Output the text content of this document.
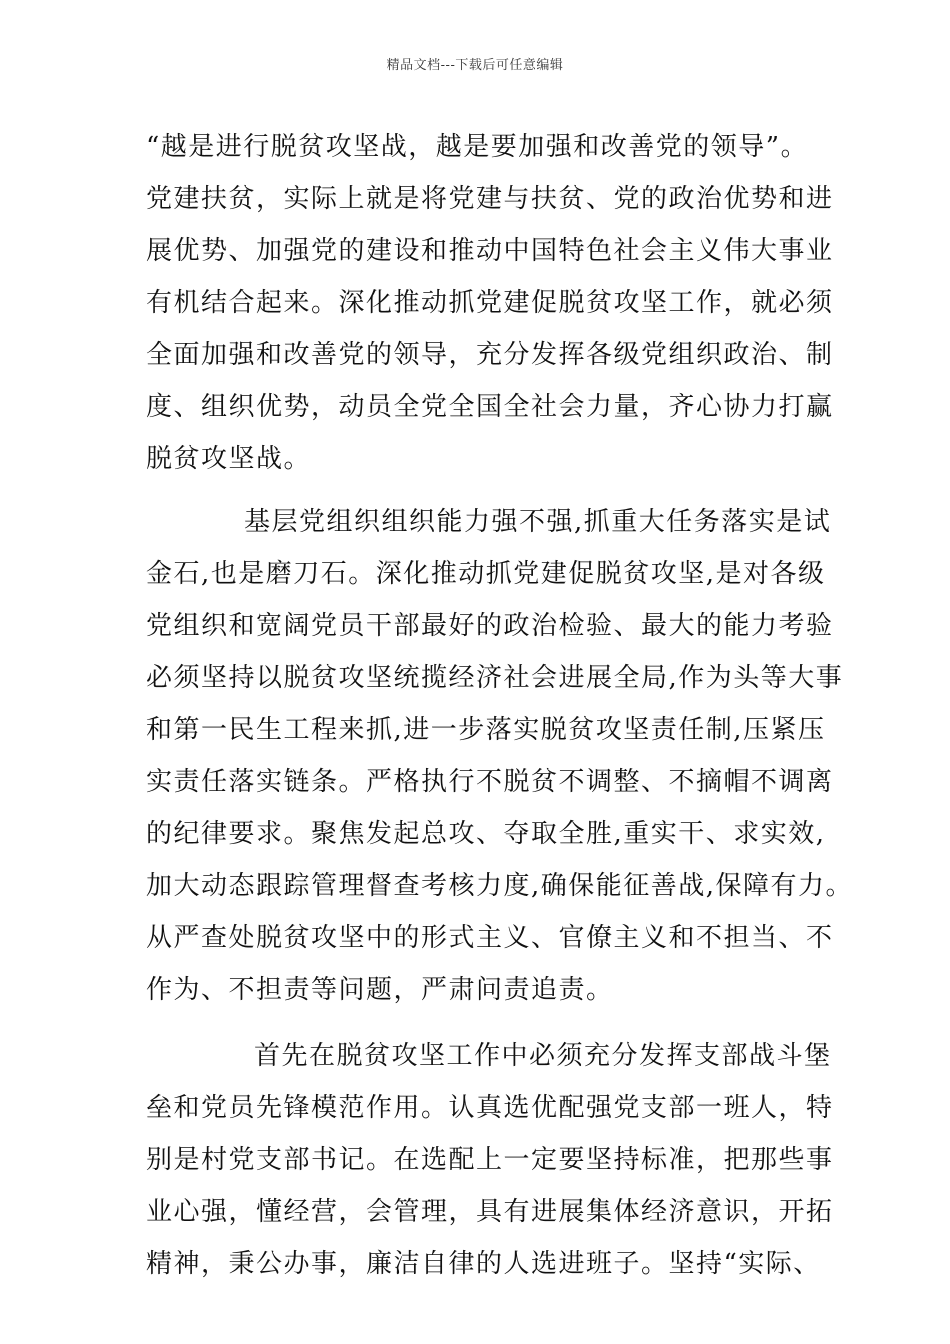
精品文档---下载后可任意编辑
“越是进行脱贫攻坚战，越是要加强和改善党的领导”。
党建扶贫，实际上就是将党建与扶贫、党的政治优势和进
展优势、加强党的建设和推动中国特色社会主义伟大事业
有机结合起来。深化推动抓党建促脱贫攻坚工作，就必须
全面加强和改善党的领导，充分发挥各级党组织政治、制
度、组织优势，动员全党全国全社会力量，齐心协力打赢
脱贫攻坚战。
基层党组织组织能力强不强,抓重大任务落实是试
金石,也是磨刀石。深化推动抓党建促脱贫攻坚,是对各级
党组织和宽阔党员干部最好的政治检验、最大的能力考验
必须坚持以脱贫攻坚统揽经济社会进展全局,作为头等大事
和第一民生工程来抓,进一步落实脱贫攻坚责任制,压紧压
实责任落实链条。严格执行不脱贫不调整、不摘帽不调离
的纪律要求。聚焦发起总攻、夺取全胜,重实干、求实效,
加大动态跟踪管理督查考核力度,确保能征善战,保障有力。
从严查处脱贫攻坚中的形式主义、官僚主义和不担当、不
作为、不担责等问题，严肃问责追责。
首先在脱贫攻坚工作中必须充分发挥支部战斗堡
垒和党员先锋模范作用。认真选优配强党支部一班人，特
别是村党支部书记。在选配上一定要坚持标准，把那些事
业心强，懂经营，会管理，具有进展集体经济意识，开拓
精神，秉公办事，廉洁自律的人选进班子。坚持“实际、
